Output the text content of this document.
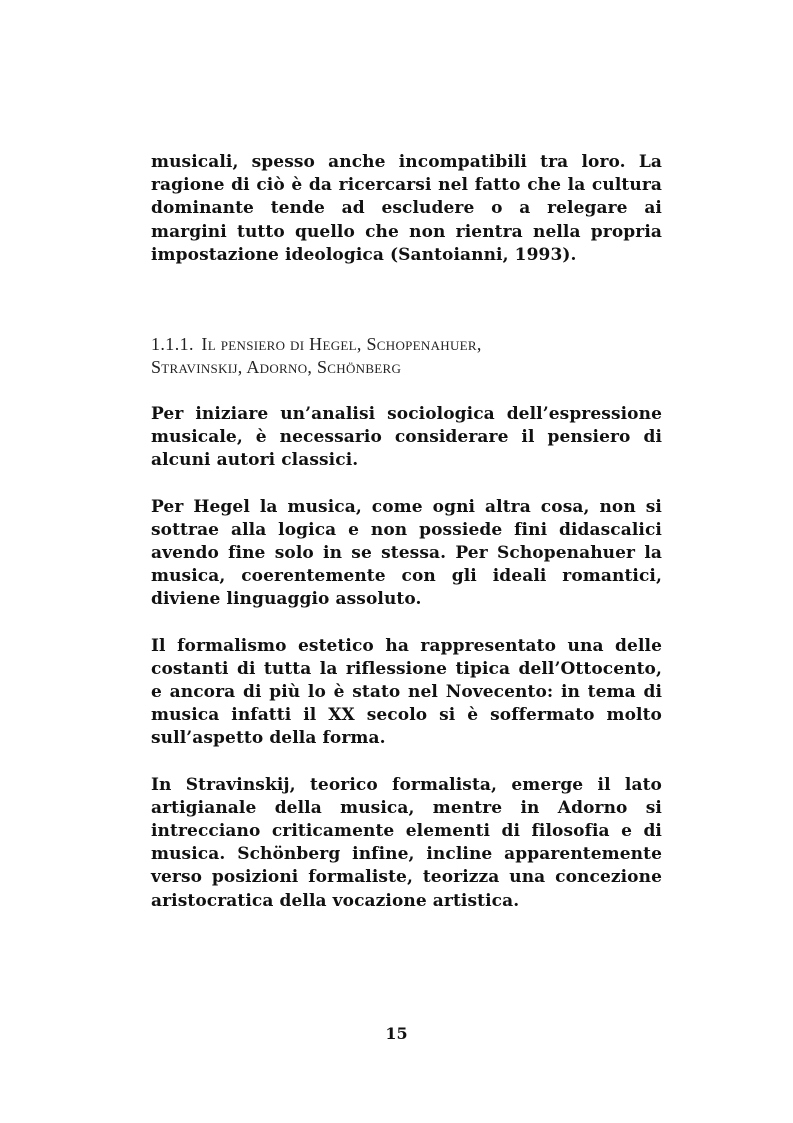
musicali, spesso anche incompatibili tra loro. La ragione di ciò è da ricercarsi nel fatto che la cultura dominante tende ad escludere o a relegare ai margini tutto quello che non rientra nella propria impostazione ideologica (Santoianni, 1993).

1.1.1. Il pensiero di Hegel, Schopenahuer,
Stravinskij, Adorno, Schönberg

Per iniziare un’analisi sociologica dell’espressione musicale, è necessario considerare il pensiero di alcuni autori classici.

Per Hegel la musica, come ogni altra cosa, non si sottrae alla logica e non possiede fini didascalici avendo fine solo in se stessa. Per Schopenahuer la musica, coerentemente con gli ideali romantici, diviene linguaggio assoluto.

Il formalismo estetico ha rappresentato una delle costanti di tutta la riflessione tipica dell’Ottocento, e ancora di più lo è stato nel Novecento: in tema di musica infatti il XX secolo si è soffermato molto sull’aspetto della forma.

In Stravinskij, teorico formalista, emerge il lato artigianale della musica, mentre in Adorno si intrecciano criticamente elementi di filosofia e di musica. Schönberg infine, incline apparentemente verso posizioni formaliste, teorizza una concezione aristocratica della vocazione artistica.

15
